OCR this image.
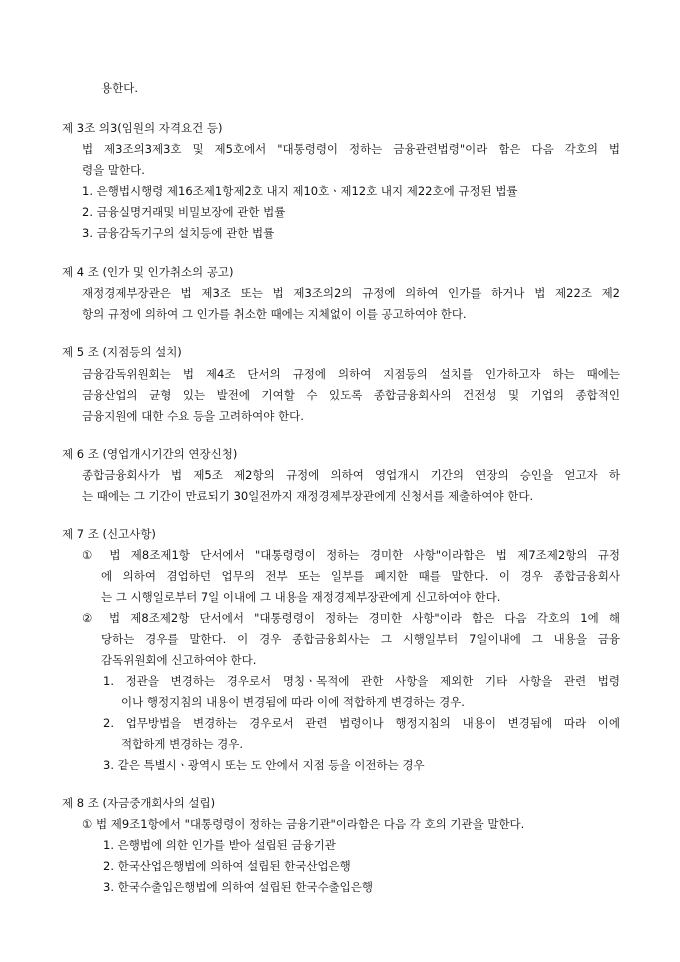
용한다.
제 3조 의3(임원의 자격요건 등)
법 제3조의3제3호 및 제5호에서 "대통령령이 정하는 금융관련법령"이라 함은 다음 각호의 법
령을 말한다.
1. 은행법시행령 제16조제1항제2호 내지 제10호ㆍ제12호 내지 제22호에 규정된 법률
2. 금융실명거래및 비밀보장에 관한 법률
3. 금융감독기구의 설치등에 관한 법률
제 4 조 (인가 및 인가취소의 공고)
재정경제부장관은 법 제3조 또는 법 제3조의2의 규정에 의하여 인가를 하거나 법 제22조 제2
항의 규정에 의하여 그 인가를 취소한 때에는 지체없이 이를 공고하여야 한다.
제 5 조 (지점등의 설치)
금융감독위원회는 법 제4조 단서의 규정에 의하여 지점등의 설치를 인가하고자 하는 때에는
금융산업의 균형 있는 발전에 기여할 수 있도록 종합금융회사의 건전성 및 기업의 종합적인
금융지원에 대한 수요 등을 고려하여야 한다.
제 6 조 (영업개시기간의 연장신청)
종합금융회사가 법 제5조 제2항의 규정에 의하여 영업개시 기간의 연장의 승인을 얻고자 하
는 때에는 그 기간이 만료되기 30일전까지 재정경제부장관에게 신청서를 제출하여야 한다.
제 7 조 (신고사항)
① 법 제8조제1항 단서에서 "대통령령이 정하는 경미한 사항"이라함은 법 제7조제2항의 규정
에 의하여 겸업하던 업무의 전부 또는 일부를 폐지한 때를 말한다. 이 경우 종합금융회사
는 그 시행일로부터 7일 이내에 그 내용을 재정경제부장관에게 신고하여야 한다.
② 법 제8조제2항 단서에서 "대통령령이 정하는 경미한 사항"이라 함은 다음 각호의 1에 해
당하는 경우를 말한다. 이 경우 종합금융회사는 그 시행일부터 7일이내에 그 내용을 금융
감독위원회에 신고하여야 한다.
1. 정관을 변경하는 경우로서 명칭ㆍ목적에 관한 사항을 제외한 기타 사항을 관련 법령
이나 행정지침의 내용이 변경됨에 따라 이에 적합하게 변경하는 경우.
2. 업무방법을 변경하는 경우로서 관련 법령이나 행정지침의 내용이 변경됨에 따라 이에
적합하게 변경하는 경우.
3. 같은 특별시ㆍ광역시 또는 도 안에서 지점 등을 이전하는 경우
제 8 조 (자금중개회사의 설립)
① 법 제9조1항에서 "대통령령이 정하는 금융기관"이라함은 다음 각 호의 기관을 말한다.
1. 은행법에 의한 인가를 받아 설립된 금융기관
2. 한국산업은행법에 의하여 설립된 한국산업은행
3. 한국수출입은행법에 의하여 설립된 한국수출입은행
